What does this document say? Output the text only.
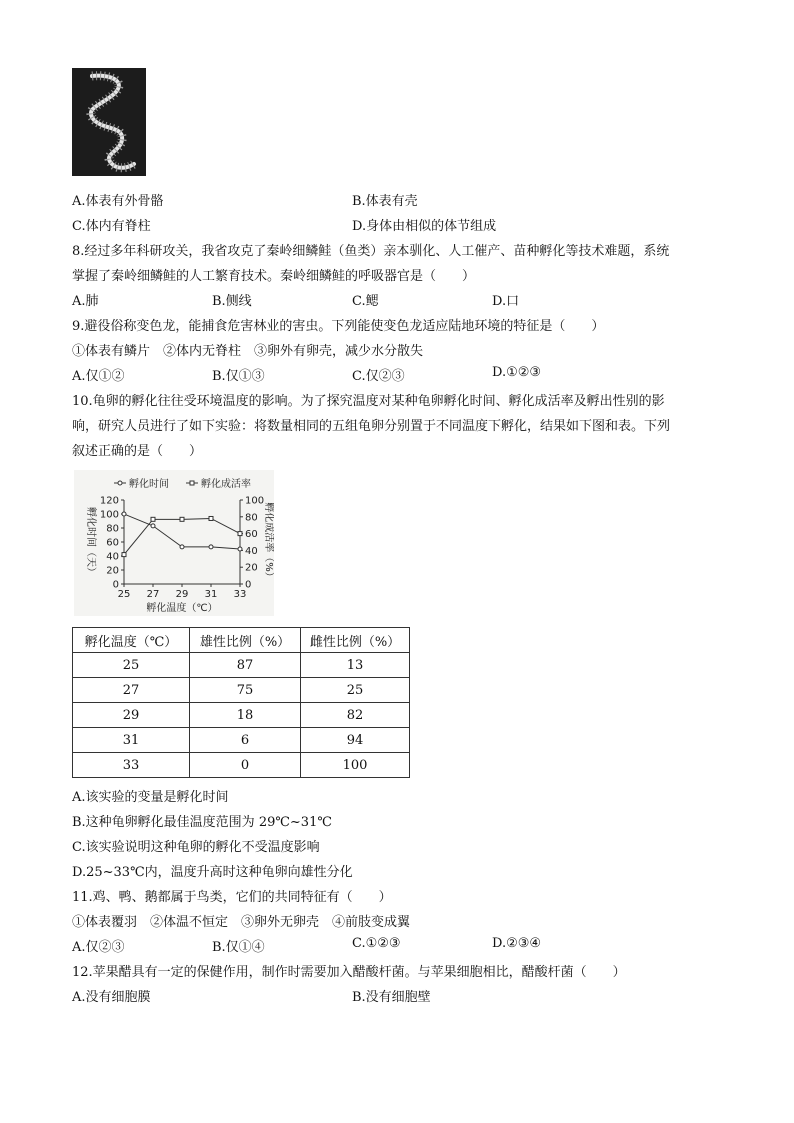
A.体表有外骨骼	B.体表有壳
C.体内有脊柱	D.身体由相似的体节组成
8.经过多年科研攻关，我省攻克了秦岭细鳞鲑（鱼类）亲本驯化、人工催产、苗种孵化等技术难题，系统
掌握了秦岭细鳞鲑的人工繁育技术。秦岭细鳞鲑的呼吸器官是（　　）
A.肺	B.侧线	C.鳃	D.口
9.避役俗称变色龙，能捕食危害林业的害虫。下列能使变色龙适应陆地环境的特征是（　　）
①体表有鳞片　②体内无脊柱　③卵外有卵壳，减少水分散失
A.仅①②	B.仅①③	C.仅②③	D.①②③
10.龟卵的孵化往往受环境温度的影响。为了探究温度对某种龟卵孵化时间、孵化成活率及孵出性别的影
响，研究人员进行了如下实验：将数量相同的五组龟卵分别置于不同温度下孵化，结果如下图和表。下列
叙述正确的是（　　）
孵化时间	孵化成活率
0
20
40
60
80
100
120
0
20
40
60
80
100
25 27 29 31 33
孵化温度（℃）
孵化时间（天）	孵化成活率（%）
孵化温度（℃）	雄性比例（%）	雌性比例（%）
25	87	13
27	75	25
29	18	82
31	6	94
33	0	100
A.该实验的变量是孵化时间
B.这种龟卵孵化最佳温度范围为 29℃~31℃
C.该实验说明这种龟卵的孵化不受温度影响
D.25~33℃内，温度升高时这种龟卵向雄性分化
11.鸡、鸭、鹅都属于鸟类，它们的共同特征有（　　）
①体表覆羽　②体温不恒定　③卵外无卵壳　④前肢变成翼
A.仅②③	B.仅①④	C.①②③	D.②③④
12.苹果醋具有一定的保健作用，制作时需要加入醋酸杆菌。与苹果细胞相比，醋酸杆菌（　　）
A.没有细胞膜	B.没有细胞壁
